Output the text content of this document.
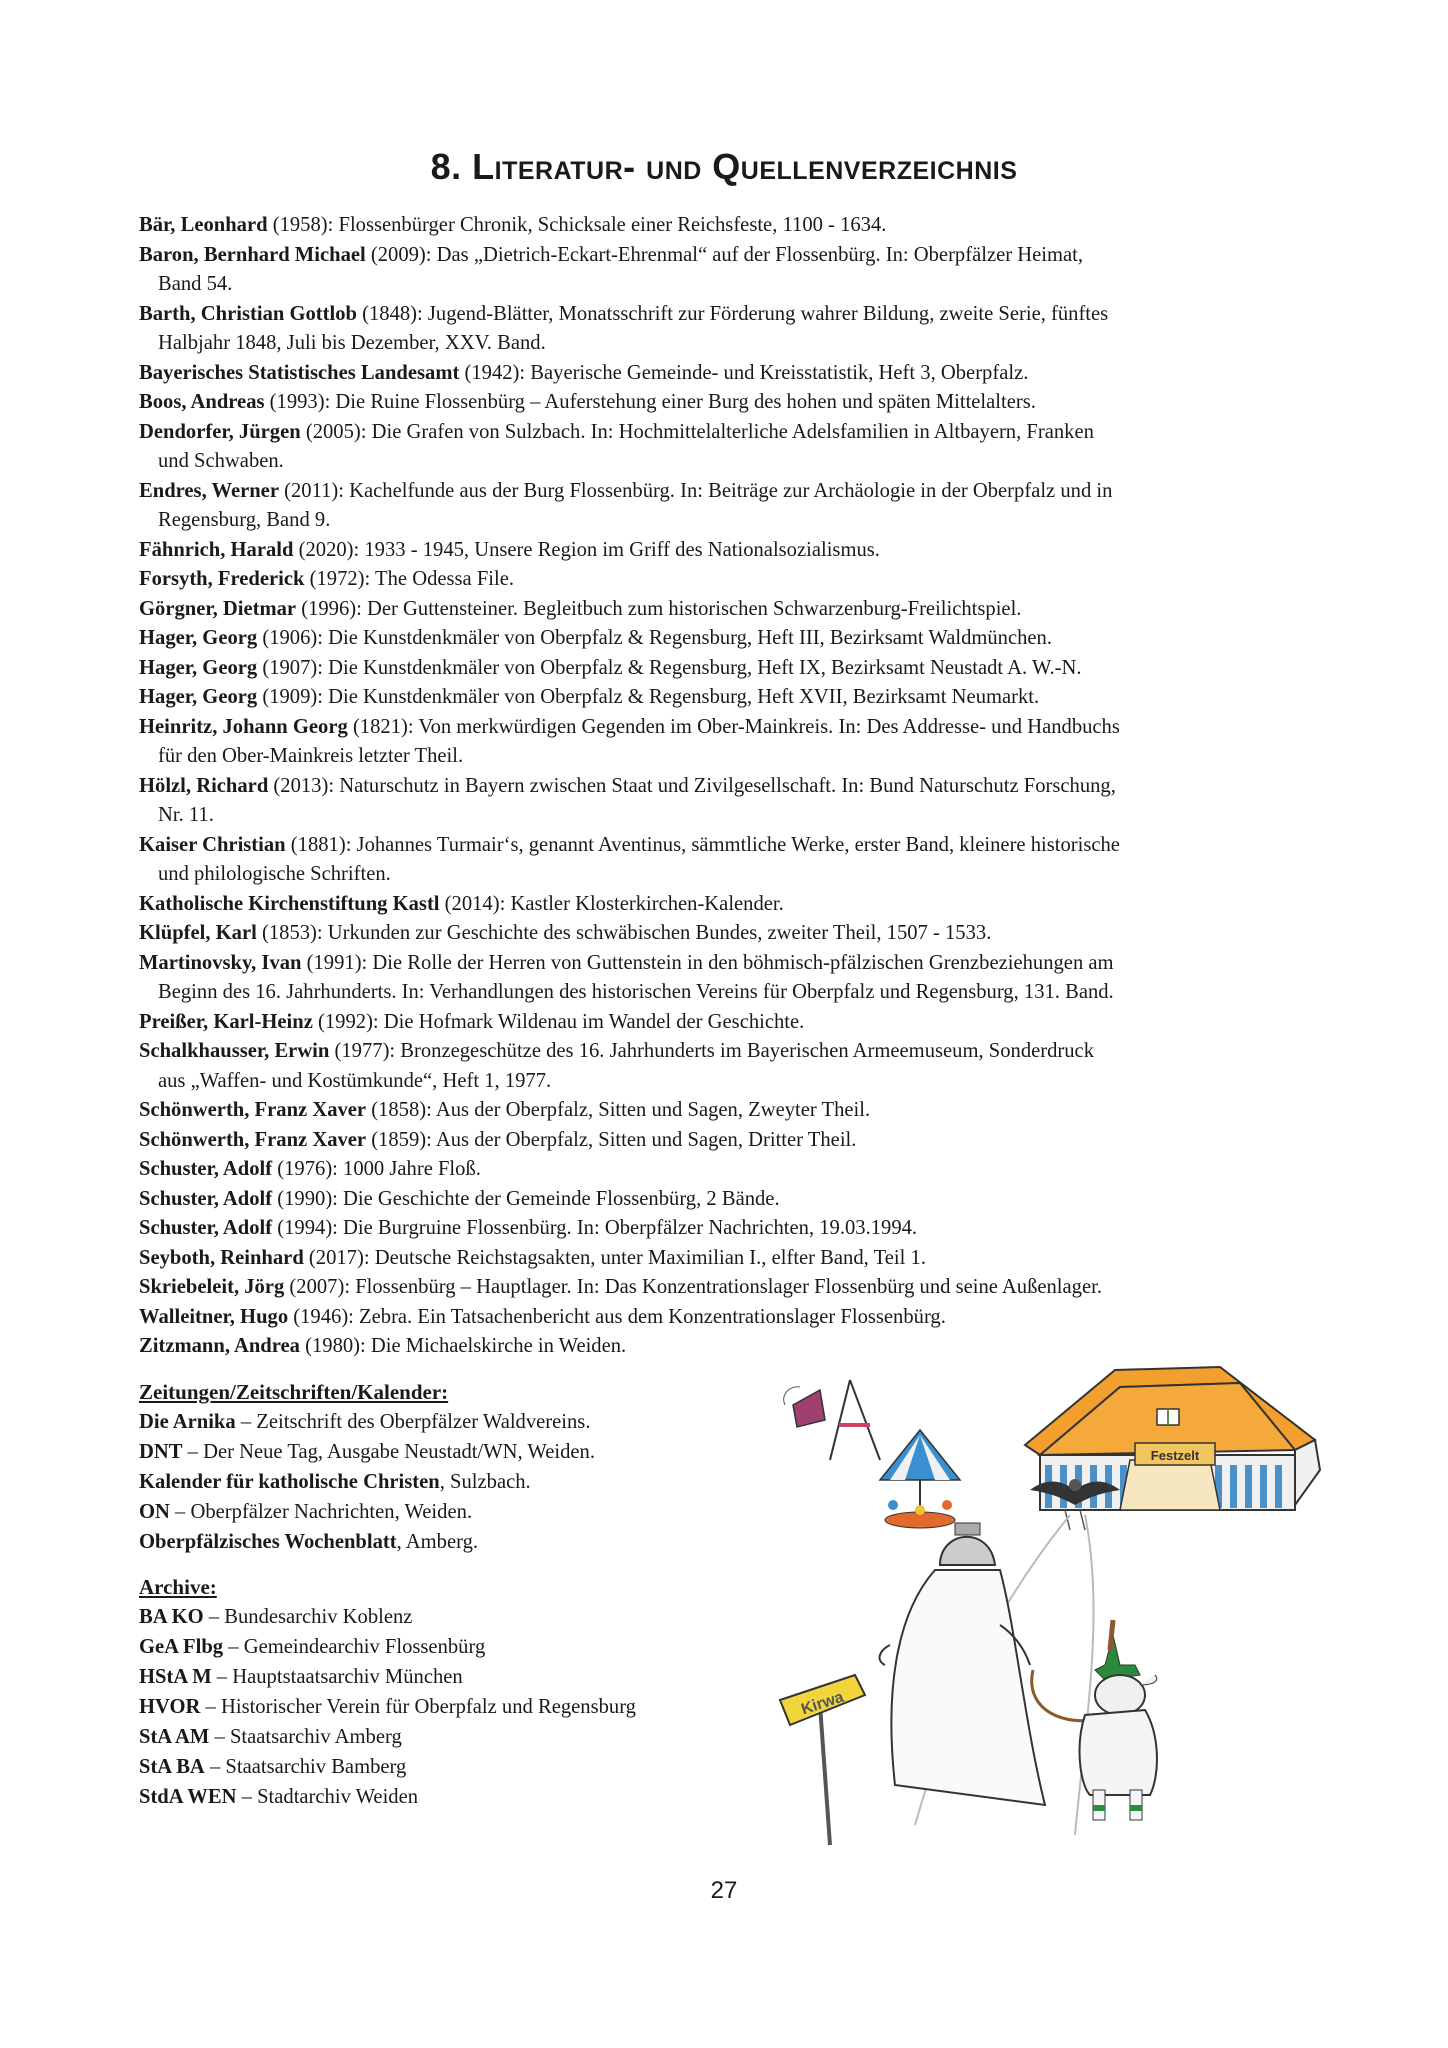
8. Literatur- und Quellenverzeichnis
Bär, Leonhard (1958): Flossenbürger Chronik, Schicksale einer Reichsfeste, 1100 - 1634.
Baron, Bernhard Michael (2009): Das „Dietrich-Eckart-Ehrenmal“ auf der Flossenbürg. In: Oberpfälzer Heimat,
Band 54.
Barth, Christian Gottlob (1848): Jugend-Blätter, Monatsschrift zur Förderung wahrer Bildung, zweite Serie, fünftes
Halbjahr 1848, Juli bis Dezember, XXV. Band.
Bayerisches Statistisches Landesamt (1942): Bayerische Gemeinde- und Kreisstatistik, Heft 3, Oberpfalz.
Boos, Andreas (1993): Die Ruine Flossenbürg – Auferstehung einer Burg des hohen und späten Mittelalters.
Dendorfer, Jürgen (2005): Die Grafen von Sulzbach. In: Hochmittelalterliche Adelsfamilien in Altbayern, Franken
und Schwaben.
Endres, Werner (2011): Kachelfunde aus der Burg Flossenbürg. In: Beiträge zur Archäologie in der Oberpfalz und in
Regensburg, Band 9.
Fähnrich, Harald (2020): 1933 - 1945, Unsere Region im Griff des Nationalsozialismus.
Forsyth, Frederick (1972): The Odessa File.
Görgner, Dietmar (1996): Der Guttensteiner. Begleitbuch zum historischen Schwarzenburg-Freilichtspiel.
Hager, Georg (1906): Die Kunstdenkmäler von Oberpfalz & Regensburg, Heft III, Bezirksamt Waldmünchen.
Hager, Georg (1907): Die Kunstdenkmäler von Oberpfalz & Regensburg, Heft IX, Bezirksamt Neustadt A. W.-N.
Hager, Georg (1909): Die Kunstdenkmäler von Oberpfalz & Regensburg, Heft XVII, Bezirksamt Neumarkt.
Heinritz, Johann Georg (1821): Von merkwürdigen Gegenden im Ober-Mainkreis. In: Des Addresse- und Handbuchs
für den Ober-Mainkreis letzter Theil.
Hölzl, Richard (2013): Naturschutz in Bayern zwischen Staat und Zivilgesellschaft. In: Bund Naturschutz Forschung,
Nr. 11.
Kaiser Christian (1881): Johannes Turmair‘s, genannt Aventinus, sämmtliche Werke, erster Band, kleinere historische
und philologische Schriften.
Katholische Kirchenstiftung Kastl (2014): Kastler Klosterkirchen-Kalender.
Klüpfel, Karl (1853): Urkunden zur Geschichte des schwäbischen Bundes, zweiter Theil, 1507 - 1533.
Martinovsky, Ivan (1991): Die Rolle der Herren von Guttenstein in den böhmisch-pfälzischen Grenzbeziehungen am
Beginn des 16. Jahrhunderts. In: Verhandlungen des historischen Vereins für Oberpfalz und Regensburg, 131. Band.
Preißer, Karl-Heinz (1992): Die Hofmark Wildenau im Wandel der Geschichte.
Schalkhausser, Erwin (1977): Bronzegeschütze des 16. Jahrhunderts im Bayerischen Armeemuseum, Sonderdruck
aus „Waffen- und Kostümkunde“, Heft 1, 1977.
Schönwerth, Franz Xaver (1858): Aus der Oberpfalz, Sitten und Sagen, Zweyter Theil.
Schönwerth, Franz Xaver (1859): Aus der Oberpfalz, Sitten und Sagen, Dritter Theil.
Schuster, Adolf (1976): 1000 Jahre Floß.
Schuster, Adolf (1990): Die Geschichte der Gemeinde Flossenbürg, 2 Bände.
Schuster, Adolf (1994): Die Burgruine Flossenbürg. In: Oberpfälzer Nachrichten, 19.03.1994.
Seyboth, Reinhard (2017): Deutsche Reichstagsakten, unter Maximilian I., elfter Band, Teil 1.
Skriebeleit, Jörg (2007): Flossenbürg – Hauptlager. In: Das Konzentrationslager Flossenbürg und seine Außenlager.
Walleitner, Hugo (1946): Zebra. Ein Tatsachenbericht aus dem Konzentrationslager Flossenbürg.
Zitzmann, Andrea (1980): Die Michaelskirche in Weiden.
Zeitungen/Zeitschriften/Kalender:
Die Arnika – Zeitschrift des Oberpfälzer Waldvereins.
DNT – Der Neue Tag, Ausgabe Neustadt/WN, Weiden.
Kalender für katholische Christen, Sulzbach.
ON – Oberpfälzer Nachrichten, Weiden.
Oberpfälzisches Wochenblatt, Amberg.
Archive:
BA KO – Bundesarchiv Koblenz
GeA Flbg – Gemeindearchiv Flossenbürg
HStA M – Hauptstaatsarchiv München
HVOR – Historischer Verein für Oberpfalz und Regensburg
StA AM – Staatsarchiv Amberg
StA BA – Staatsarchiv Bamberg
StdA WEN – Stadtarchiv Weiden
Festzelt
Kirwa
27
